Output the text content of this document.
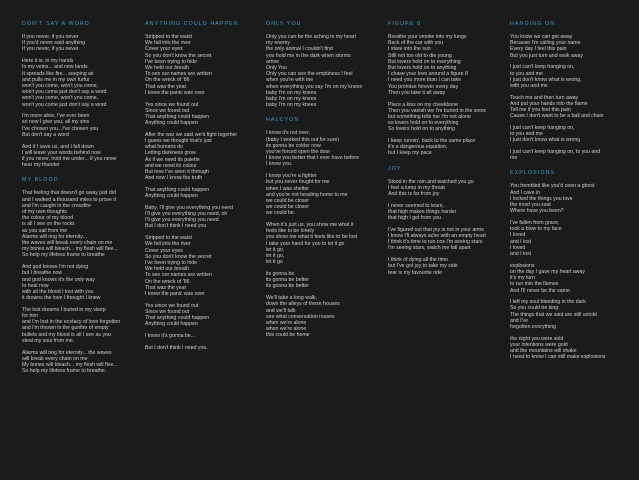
DON'T SAY A WORD
If you never, if you never
If you'd never said anything
If you never, if you never
Here it is, in my hands
In my veins... and new lands
It spreads like fire... seeping air
and pulls me in my own furfur
won't you come, won't you come,
won't you come just don't say a word
won't you come, won't you come,
won't you come just don't say a word
I'm more alive, I've ever been
so now I give you, all my sins
I've chosen you...I've chosen you
But don't say a word
And if I save us, and I fall down
I will leave your words behind now
if you never, hold me under... if you never
hear my thunder
MY BLOOD
That feeling that doesn't go away just did
and I walked a thousand miles to prove it
and I'm caught in the crossfire
of my own thoughts
the colour of my blood
is all I see on the rocks
as you sail from me
Alarms will ring for eternity...
the waves will break every chain on me
my bones will bleach... my flesh will flee...
So help my lifeless frame to breathe
And god knows I'm not dying
but I breathe now
and god knows it's the only way
to heal now
with all the blood I lost with you
it drowns the love I thought I knew
The lost dreams I buried in my sleep
for him
and I'm lost in the ecstacy of love forgotten
and I'm thrown in the gunfire of empty
bullets and my blood is all I see as you
steal my soul from me.
Alarms will ring for eternity... the waves
will break every chain on me
My bones will bleach... my flesh will flee...
So help my lifeless frame to breathe.
ANYTHING COULD HAPPEN
Stripped to the waist
We fall into the river
Cover your eyes
So you don't know the secret
I've been trying to hide
We held our breath
To see our names are written
On the wreck of '86
That was the year
I knew the panic was over
Yes since we found out
Since we found out
That anything could happen
Anything could happen
After the war we said we'd fight together
I guess we thought that's just
what humans do
Letting darkness grow
As if we need its palette
and we need its colour
But now I've seen it through
And now I know the truth
That anything could happen
Anything could happen
Baby, I'll give you everything you need
I'll give you everything you need, oh
I'll give you everything you need
But I don't think I need you
Stripped to the waist
We fall into the river
Cover your eyes
So you don't know the secret
I've been trying to hide
We held our breath
To see our names are written
On the wreck of '86
That was the year
I knew the panic was over
Yes since we found out
Since we found out
That anything could happen
Anything could happen
I know it's gonna be...
But I don't think I need you.
ONLY YOU
Only you can be the aching in my heart
my enemy
the only animal I couldn't find
you hold me in the dark when storms
arrive
Only You
Only you can see the emptiness I feel
when you're with me
when everything you say I'm on my knees
baby I'm on my knees
baby I'm on my knees
baby I'm on my knees
HALCYON
I know it's not over,
(baby I worked this out for sure)
its gonna be colder now
you've forced open the door
I know you better that I ever have before
I know you.
I know you're a fighter
but you never fought for me
when I was shelter
and you're not heading home to me
we could be closer
we could be closer
we could be.
When it's just us, you show me what it
feels like to be lonely
you show me what it feels like to be lost
I take your hand for you to let it go
let it go,
let it go,
let it go
its gonna be
its gonna be better
its gonna be better
We'll take a long walk,
down the alleys of these houses
and we'll talk
see what conversation rouses
when we're alone
when we're alone
this could be home
FIGURE 8
Breathe your smoke into my lungs
Back of the car with you
I stare into the sun
Still not too old to die young
But lovers hold on to everything
But lovers hold on to anything
I chase your love around a figure 8
I need you more than I can take
You promise forever every day
Then you take it all away
Place a kiss on my cheekbone
Then you vanish we I'm buried in the snow
but something tells me I'm not alone
so lovers hold on to everything
So lovers hold on to anything
I keep runnin', back to the same place
it's a dangerous equation,
but I keep my pace
JOY
Stood in the rain and watched you go
I feel a lump in my throat
And this is far from joy
I never seemed to learn,
that high makes things harder
that high I get from you
I've figured out that joy is not in your arms
I know I'll always ache with an empty heart
I think it's time to run cos I'm seeing stars
I'm seeing stars, watch me fall apart
I think of dying all the time
but I've got joy to take my side
fear is my favourite ride
HANGING ON
You know we can get away
Because I'm calling your name
Every day I feel this pain
But you just turn and walk away
I just can't keep hanging on,
to you and me
I just don't know what is wrong,
with you and me
Touch me and then turn away
And put your hands into the flame
Tell me if you feel this pain
Cause I don't want to be a ball and chain
I just can't keep hanging on,
to you and me
I just don't know what is wrong
I just can't keep hanging on, to you and
me
EXPLOSIONS
You trembled like you'd seen a ghost
And I cave in
I locked the things you love
the most you said
Where have you been?
I've fallen from grace,
took a blow to my face
I loved
and I lost
I loved
and I lost
explosions
on the day I gave my heart away
it's my turn
to run into the flames
And I'll never be the same.
I left my soul bleeding in the dark
So you could be king
The things that we said are still untold
and I've
forgotten everything
the night you were sold
your intentions were gold
and the mountains will shake
I need to know I can still make explosions
